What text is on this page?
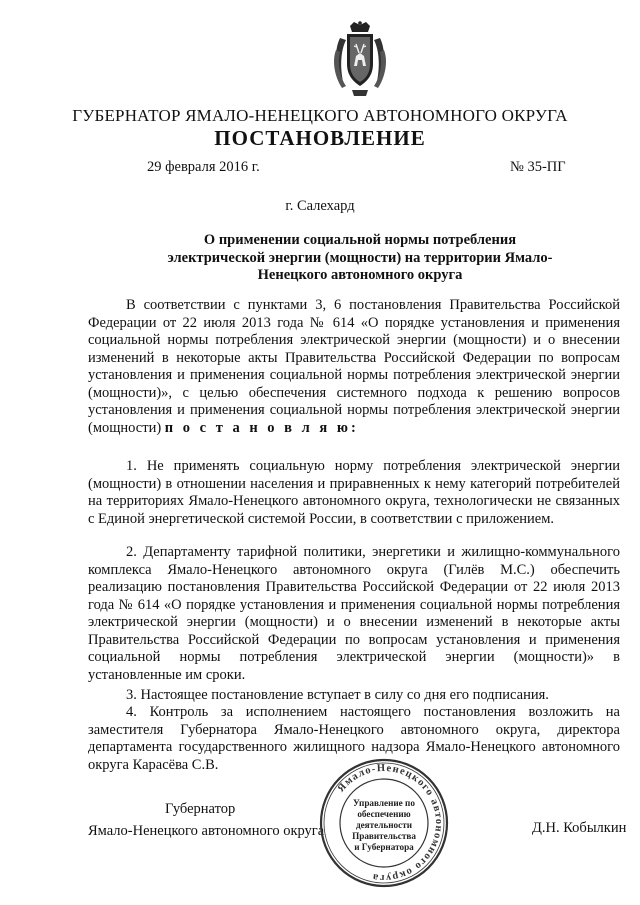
ГУБЕРНАТОР ЯМАЛО-НЕНЕЦКОГО АВТОНОМНОГО ОКРУГА
ПОСТАНОВЛЕНИЕ
29 февраля 2016 г.	№ 35-ПГ
г. Салехард
О применении социальной нормы потребления электрической энергии (мощности) на территории Ямало-Ненецкого автономного округа
В соответствии с пунктами 3, 6 постановления Правительства Российской Федерации от 22 июля 2013 года № 614 «О порядке установления и применения социальной нормы потребления электрической энергии (мощности) и о внесении изменений в некоторые акты Правительства Российской Федерации по вопросам установления и применения социальной нормы потребления электрической энергии (мощности)», с целью обеспечения системного подхода к решению вопросов установления и применения социальной нормы потребления электрической энергии (мощности) п о с т а н о в л я ю:
1. Не применять социальную норму потребления электрической энергии (мощности) в отношении населения и приравненных к нему категорий потребителей на территориях Ямало-Ненецкого автономного округа, технологически не связанных с Единой энергетической системой России, в соответствии с приложением.
2. Департаменту тарифной политики, энергетики и жилищно-коммунального комплекса Ямало-Ненецкого автономного округа (Гилёв М.С.) обеспечить реализацию постановления Правительства Российской Федерации от 22 июля 2013 года № 614 «О порядке установления и применения социальной нормы потребления электрической энергии (мощности) и о внесении изменений в некоторые акты Правительства Российской Федерации по вопросам установления и применения социальной нормы потребления электрической энергии (мощности)» в установленные им сроки.
3. Настоящее постановление вступает в силу со дня его подписания.
4. Контроль за исполнением настоящего постановления возложить на заместителя Губернатора Ямало-Ненецкого автономного округа, директора департамента государственного жилищного надзора Ямало-Ненецкого автономного округа Карасёва С.В.
Губернатор
Ямало-Ненецкого автономного округа	Д.Н. Кобылкин
Ямало-Ненецкого автономного округа
Управление по
обеспечению
деятельности
Правительства
и Губернатора
